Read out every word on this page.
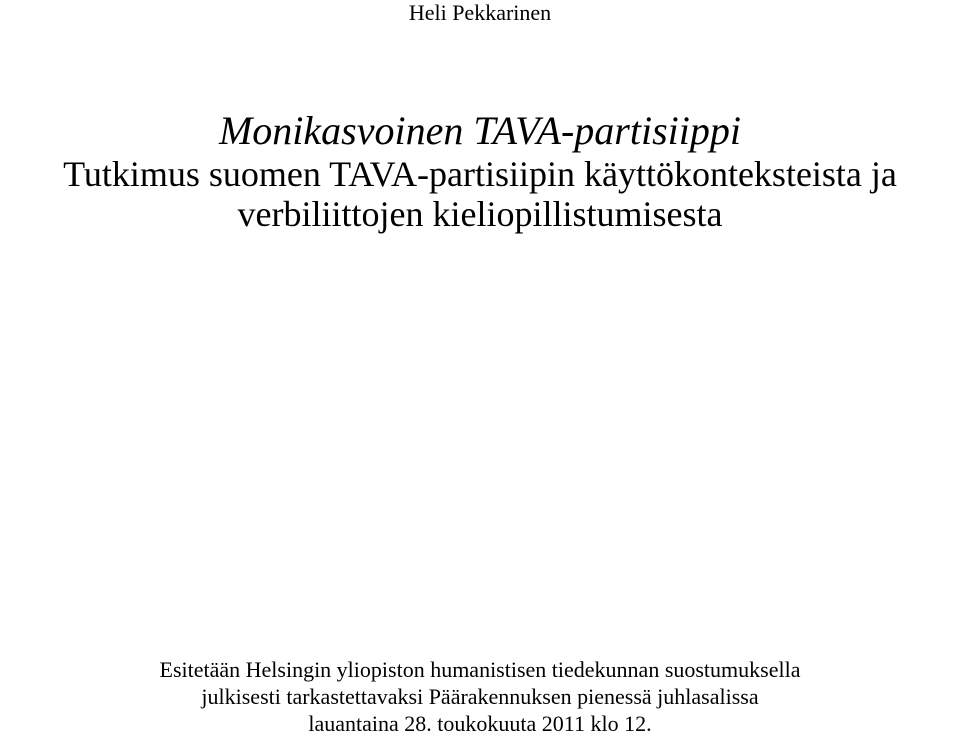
Heli Pekkarinen
Monikasvoinen TAVA-partisiippi
Tutkimus suomen TAVA-partisiipin käyttökonteksteista ja
verbiliittojen kieliopillistumisesta
Esitetään Helsingin yliopiston humanistisen tiedekunnan suostumuksella
julkisesti tarkastettavaksi Päärakennuksen pienessä juhlasalissa
lauantaina 28. toukokuuta 2011 klo 12.
